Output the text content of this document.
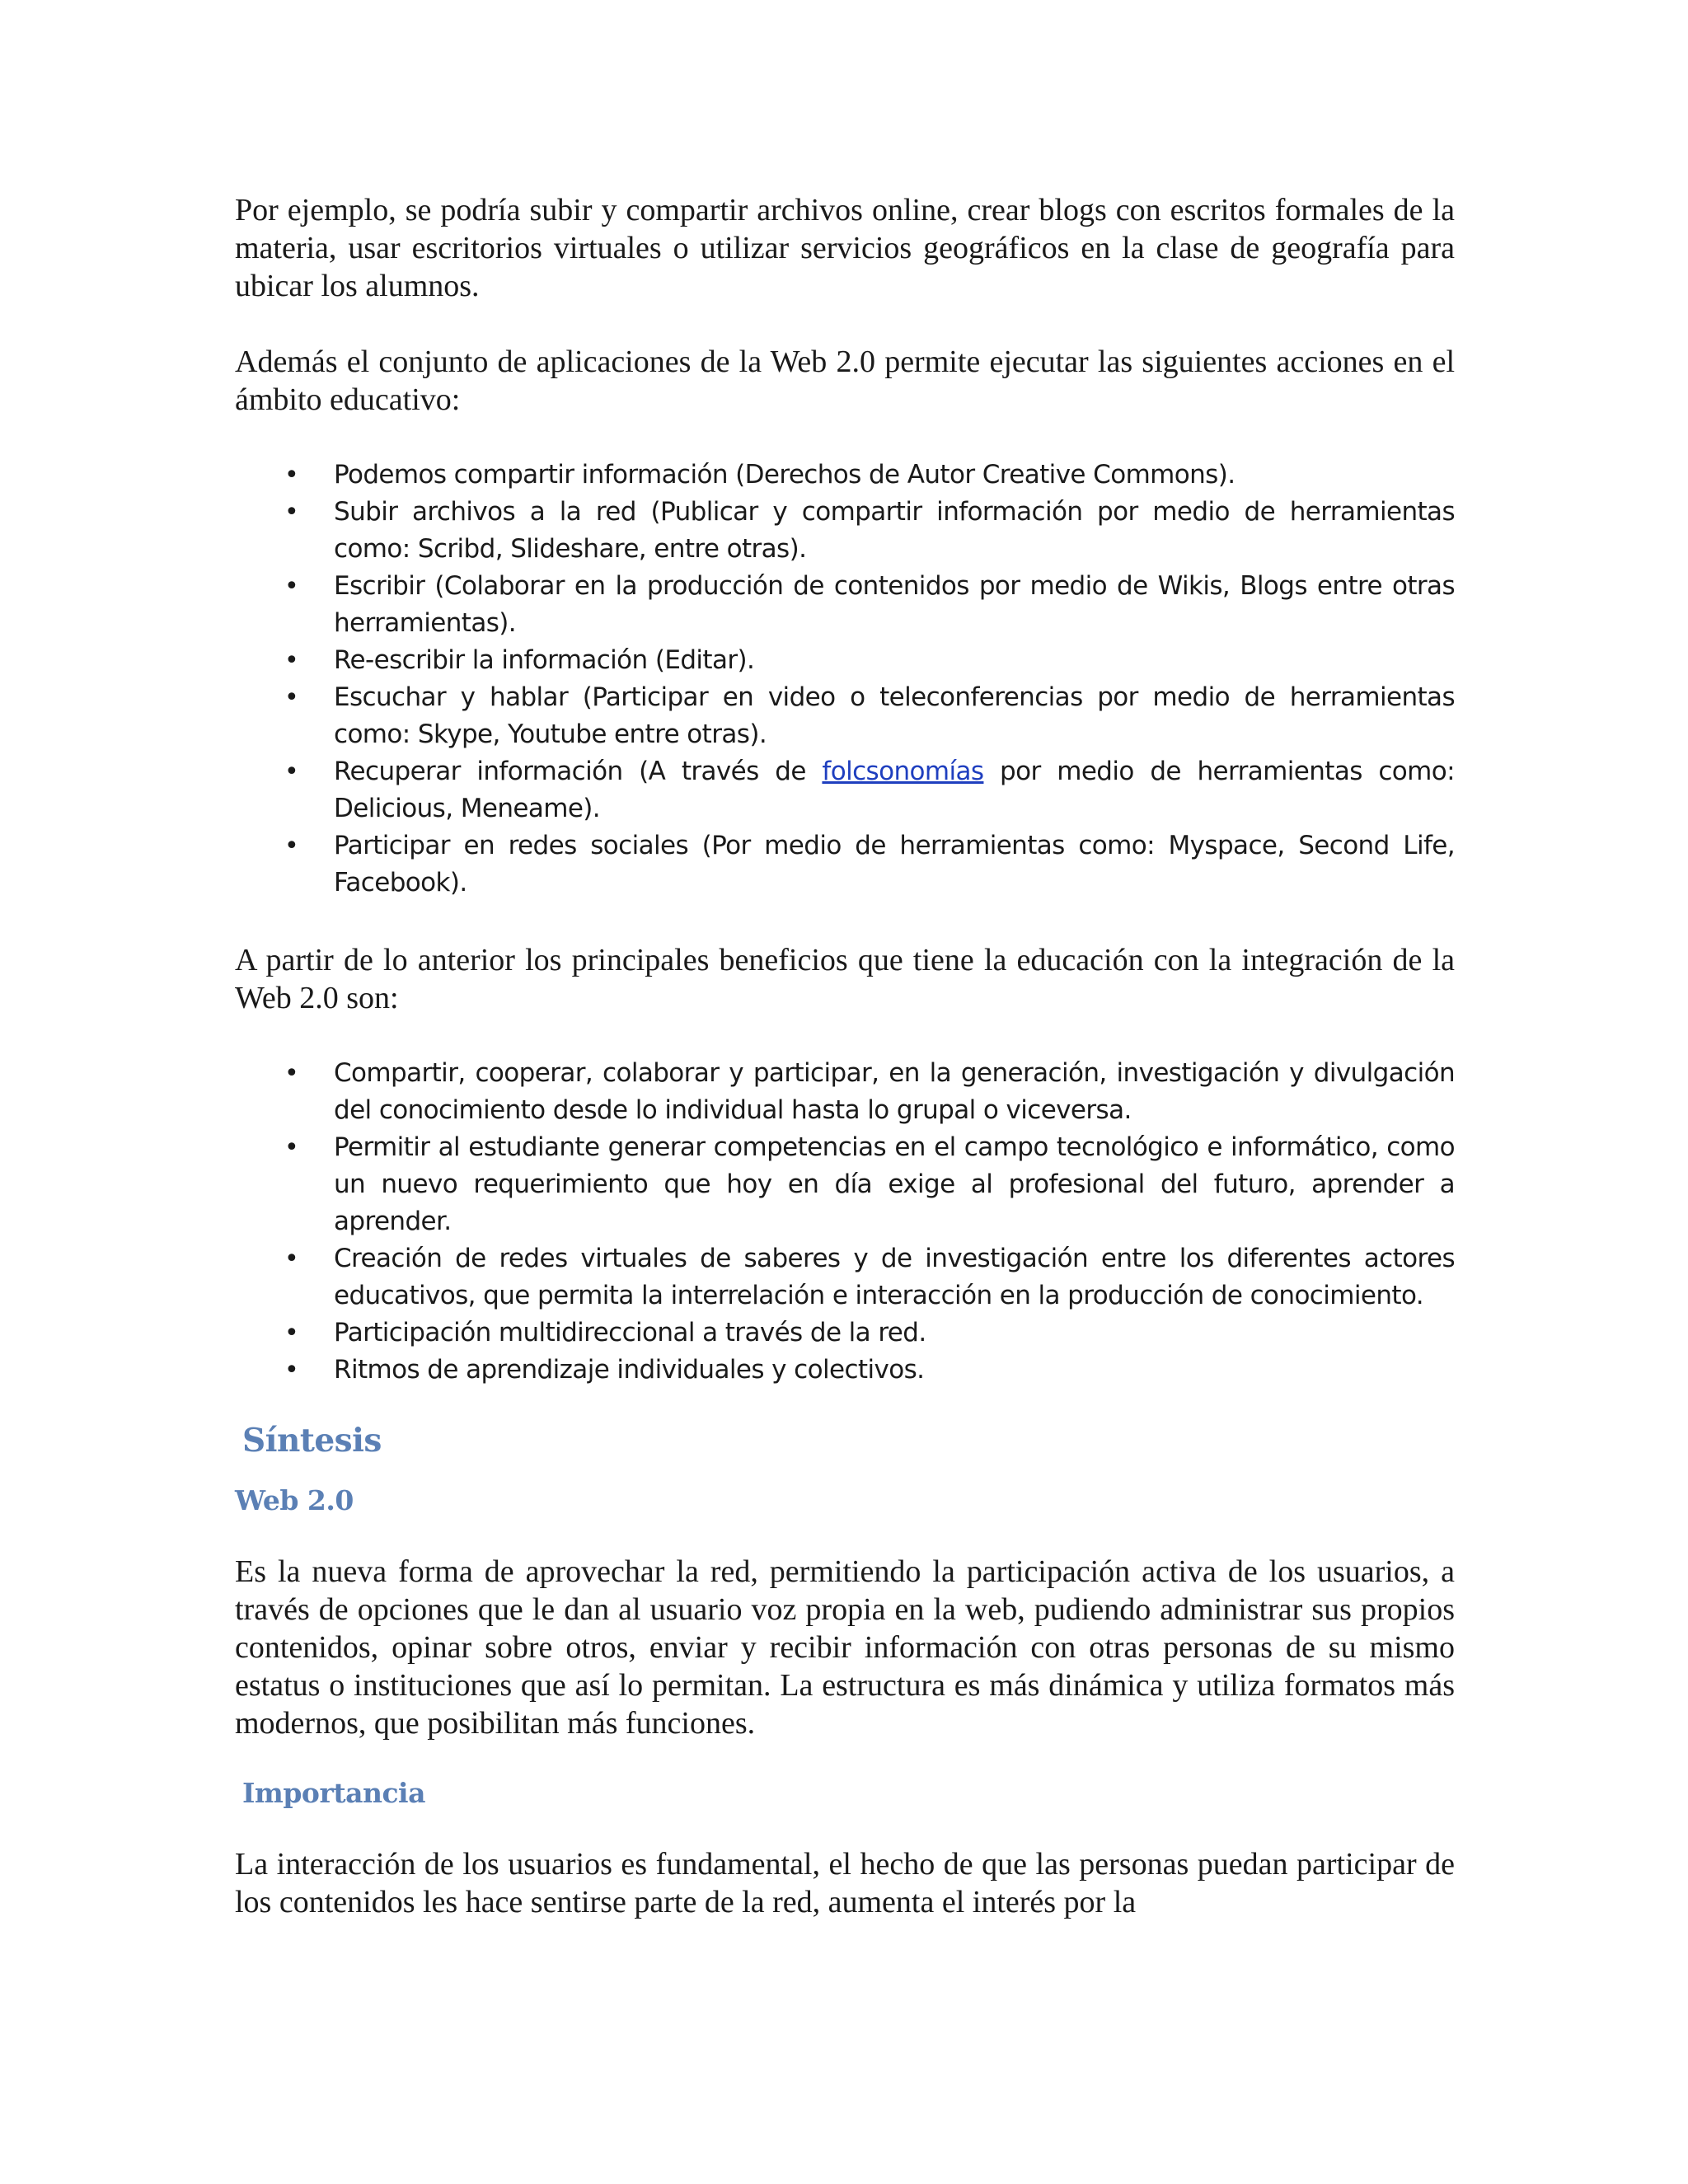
Por ejemplo, se podría subir y compartir archivos online, crear blogs con escritos formales de la materia, usar escritorios virtuales o utilizar servicios geográficos en la clase de geografía para ubicar los alumnos.

Además el conjunto de aplicaciones de la Web 2.0 permite ejecutar las siguientes acciones en el ámbito educativo:

•	Podemos compartir información (Derechos de Autor Creative Commons).
•	Subir archivos a la red (Publicar y compartir información por medio de herramientas como: Scribd, Slideshare, entre otras).
•	Escribir (Colaborar en la producción de contenidos por medio de Wikis, Blogs entre otras herramientas).
•	Re-escribir la información (Editar).
•	Escuchar y hablar (Participar en video o teleconferencias por medio de herramientas como: Skype, Youtube entre otras).
•	Recuperar información (A través de folcsonomías por medio de herramientas como: Delicious, Meneame).
•	Participar en redes sociales (Por medio de herramientas como: Myspace, Second Life, Facebook).

A partir de lo anterior los principales beneficios que tiene la educación con la integración de la Web 2.0 son:

•	Compartir, cooperar, colaborar y participar, en la generación, investigación y divulgación del conocimiento desde lo individual hasta lo grupal o viceversa.
•	Permitir al estudiante generar competencias en el campo tecnológico e informático, como un nuevo requerimiento que hoy en día exige al profesional del futuro, aprender a aprender.
•	Creación de redes virtuales de saberes y de investigación entre los diferentes actores educativos, que permita la interrelación e interacción en la producción de conocimiento.
•	Participación multidireccional a través de la red.
•	Ritmos de aprendizaje individuales y colectivos.
Síntesis
Web 2.0

Es la nueva forma de aprovechar la red, permitiendo la participación activa de los usuarios, a través de opciones que le dan al usuario voz propia en la web, pudiendo administrar sus propios contenidos, opinar sobre otros, enviar y recibir información con otras personas de su mismo estatus o instituciones que así lo permitan. La estructura es más dinámica y utiliza formatos más modernos, que posibilitan más funciones.

Importancia

La interacción de los usuarios es fundamental, el hecho de que las personas puedan participar de los contenidos les hace sentirse parte de la red, aumenta el interés por la
